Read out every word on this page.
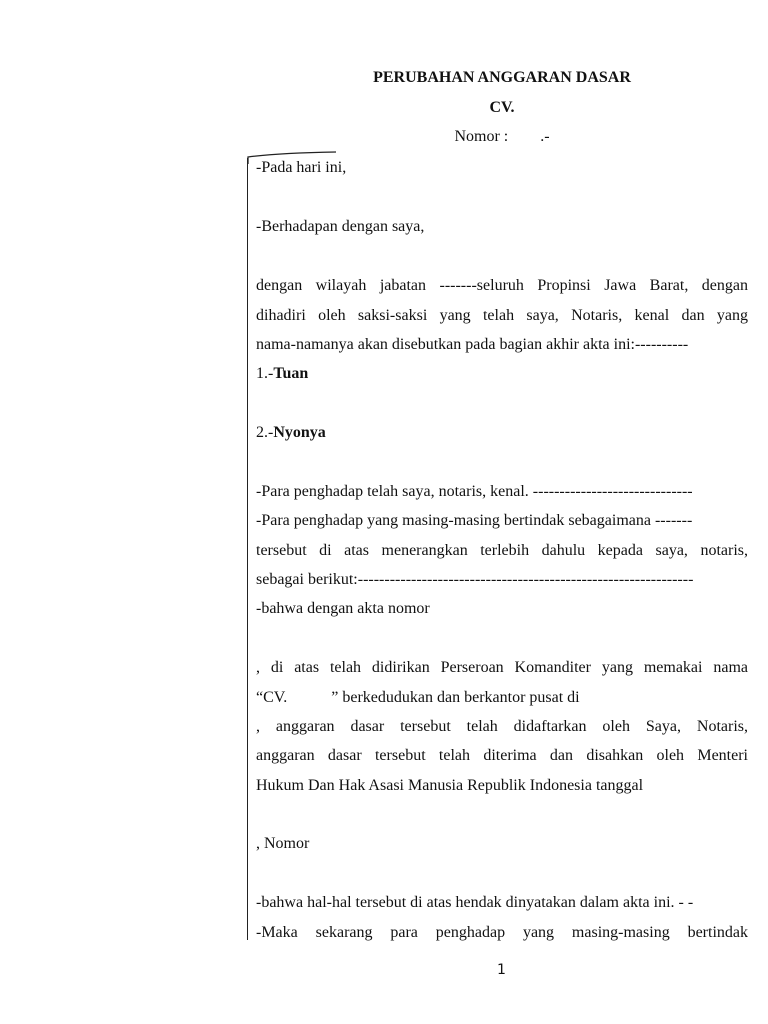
PERUBAHAN ANGGARAN DASAR
CV.
Nomor :        .-
-Pada hari ini,
-Berhadapan dengan saya,
dengan wilayah jabatan -------seluruh Propinsi Jawa Barat, dengan
dihadiri oleh saksi-saksi yang telah saya, Notaris, kenal dan yang
nama-namanya akan disebutkan pada bagian akhir akta ini:----------
1.-Tuan
2.-Nyonya
-Para penghadap telah saya, notaris, kenal. ------------------------------
-Para penghadap yang masing-masing bertindak sebagaimana -------
tersebut di atas menerangkan terlebih dahulu kepada saya, notaris,
sebagai berikut:---------------------------------------------------------------
-bahwa dengan akta nomor
, di atas telah didirikan Perseroan Komanditer yang memakai nama
“CV.           ” berkedudukan dan berkantor pusat di
, anggaran dasar tersebut telah didaftarkan oleh Saya, Notaris,
anggaran dasar tersebut telah diterima dan disahkan oleh Menteri
Hukum Dan Hak Asasi Manusia Republik Indonesia tanggal
, Nomor
-bahwa hal-hal tersebut di atas hendak dinyatakan dalam akta ini. - -
-Maka sekarang para penghadap yang masing-masing bertindak
1
